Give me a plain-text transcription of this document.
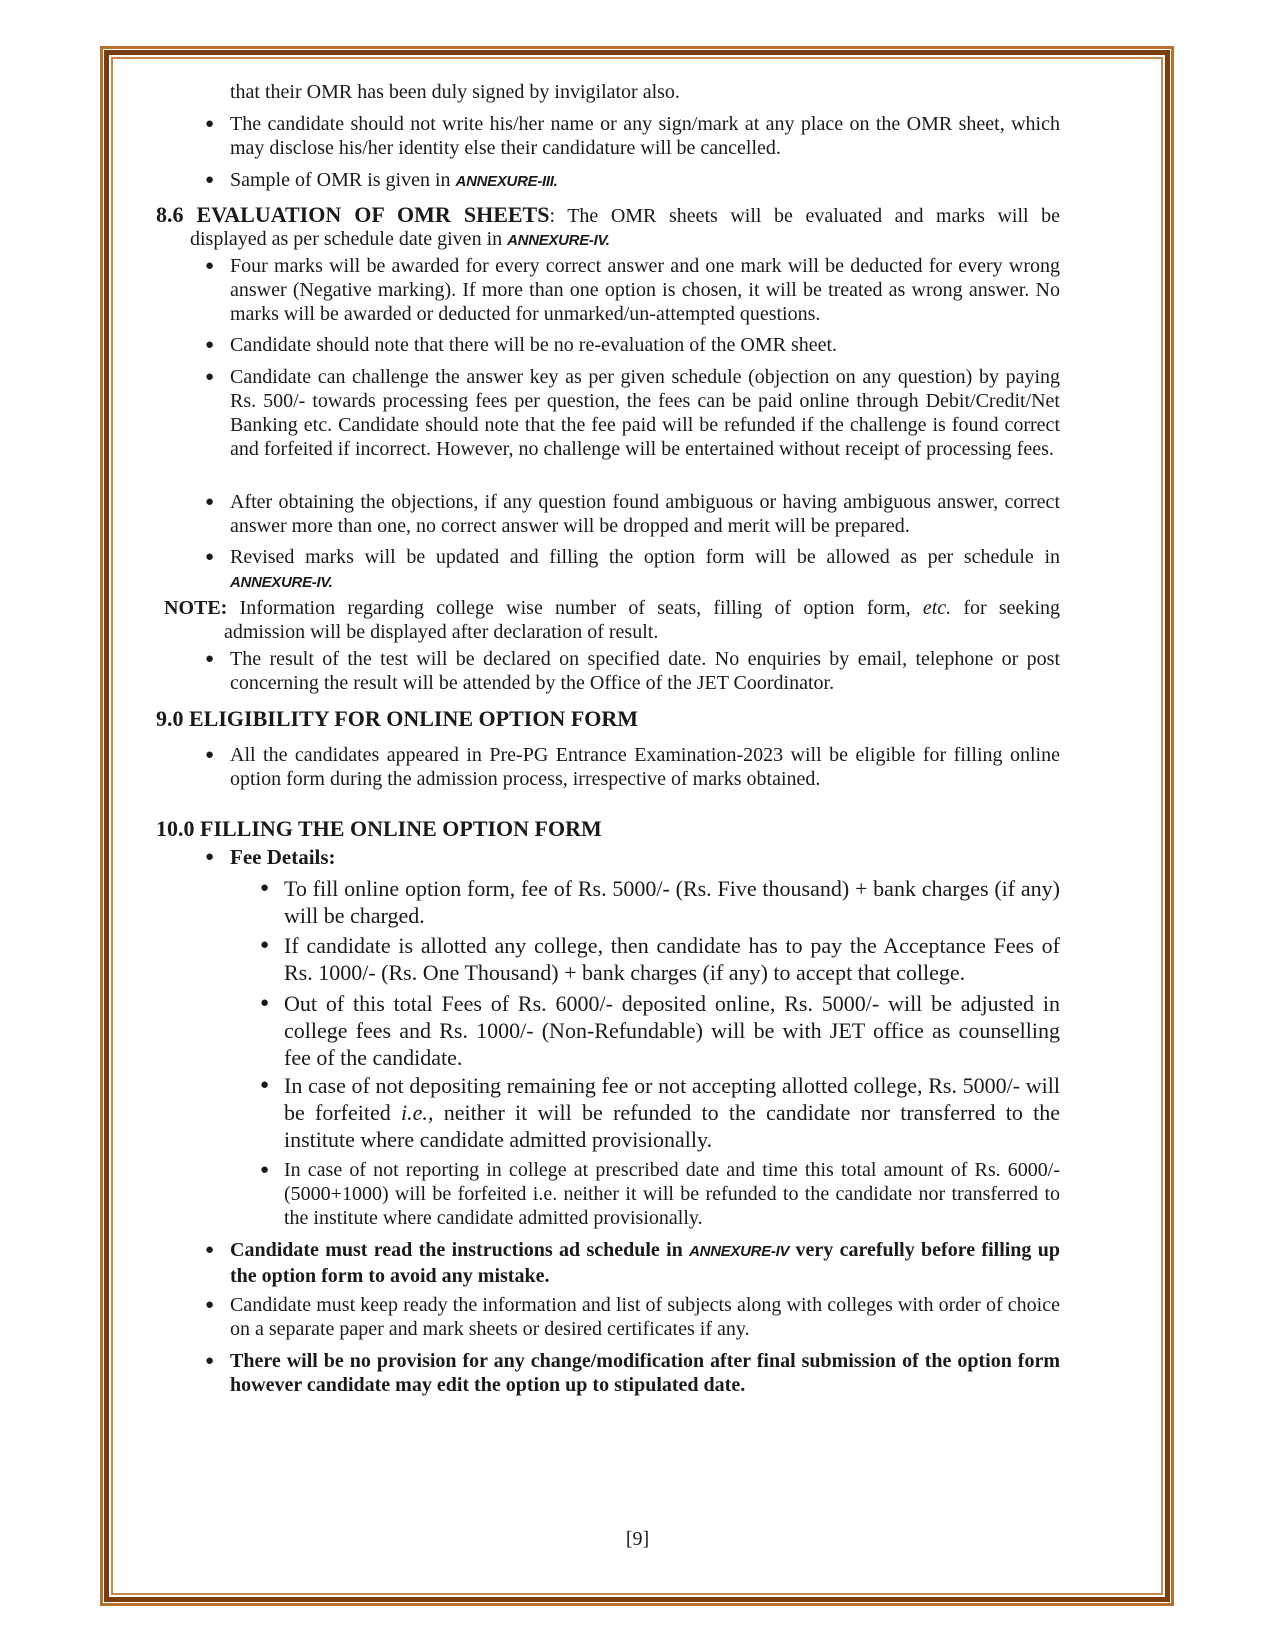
that their OMR has been duly signed by invigilator also.
● The candidate should not write his/her name or any sign/mark at any place on the OMR sheet, which may disclose his/her identity else their candidature will be cancelled.
● Sample of OMR is given in ANNEXURE-III.
8.6 EVALUATION OF OMR SHEETS: The OMR sheets will be evaluated and marks will be
displayed as per schedule date given in ANNEXURE-IV.
● Four marks will be awarded for every correct answer and one mark will be deducted for every wrong answer (Negative marking). If more than one option is chosen, it will be treated as wrong answer. No marks will be awarded or deducted for unmarked/un-attempted questions.
● Candidate should note that there will be no re-evaluation of the OMR sheet.
● Candidate can challenge the answer key as per given schedule (objection on any question) by paying Rs. 500/- towards processing fees per question, the fees can be paid online through Debit/Credit/Net Banking etc. Candidate should note that the fee paid will be refunded if the challenge is found correct and forfeited if incorrect. However, no challenge will be entertained without receipt of processing fees.
● After obtaining the objections, if any question found ambiguous or having ambiguous answer, correct answer more than one, no correct answer will be dropped and merit will be prepared.
● Revised marks will be updated and filling the option form will be allowed as per schedule in
ANNEXURE-IV.
NOTE: Information regarding college wise number of seats, filling of option form, etc. for seeking
admission will be displayed after declaration of result.
● The result of the test will be declared on specified date. No enquiries by email, telephone or post concerning the result will be attended by the Office of the JET Coordinator.
9.0 ELIGIBILITY FOR ONLINE OPTION FORM
● All the candidates appeared in Pre-PG Entrance Examination-2023 will be eligible for filling online option form during the admission process, irrespective of marks obtained.
10.0 FILLING THE ONLINE OPTION FORM
● Fee Details:
● To fill online option form, fee of Rs. 5000/- (Rs. Five thousand) + bank charges (if any) will be charged.
● If candidate is allotted any college, then candidate has to pay the Acceptance Fees of Rs. 1000/- (Rs. One Thousand) + bank charges (if any) to accept that college.
● Out of this total Fees of Rs. 6000/- deposited online, Rs. 5000/- will be adjusted in college fees and Rs. 1000/- (Non-Refundable) will be with JET office as counselling fee of the candidate.
● In case of not depositing remaining fee or not accepting allotted college, Rs. 5000/- will be forfeited i.e., neither it will be refunded to the candidate nor transferred to the institute where candidate admitted provisionally.
● In case of not reporting in college at prescribed date and time this total amount of Rs. 6000/- (5000+1000) will be forfeited i.e. neither it will be refunded to the candidate nor transferred to the institute where candidate admitted provisionally.
● Candidate must read the instructions ad schedule in ANNEXURE-IV very carefully before filling up the option form to avoid any mistake.
● Candidate must keep ready the information and list of subjects along with colleges with order of choice on a separate paper and mark sheets or desired certificates if any.
● There will be no provision for any change/modification after final submission of the option form however candidate may edit the option up to stipulated date.
[9]
